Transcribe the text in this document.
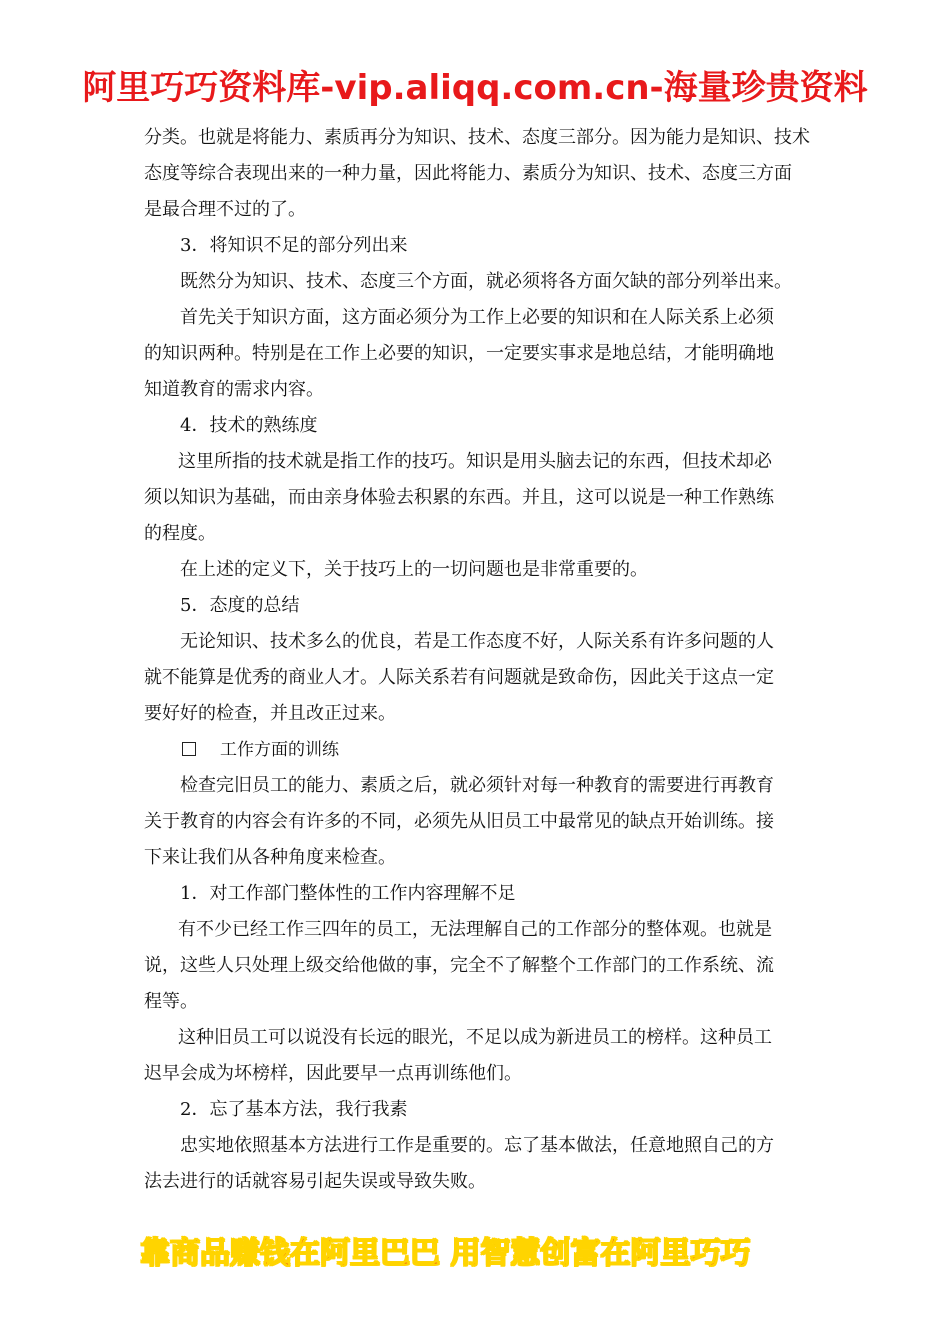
阿里巧巧资料库-vip.aliqq.com.cn-海量珍贵资料
分类。也就是将能力、素质再分为知识、技术、态度三部分。因为能力是知识、技术
态度等综合表现出来的一种力量，因此将能力、素质分为知识、技术、态度三方面
是最合理不过的了。
3．将知识不足的部分列出来
既然分为知识、技术、态度三个方面，就必须将各方面欠缺的部分列举出来。
首先关于知识方面，这方面必须分为工作上必要的知识和在人际关系上必须
的知识两种。特别是在工作上必要的知识，一定要实事求是地总结，才能明确地
知道教育的需求内容。
4．技术的熟练度
这里所指的技术就是指工作的技巧。知识是用头脑去记的东西，但技术却必
须以知识为基础，而由亲身体验去积累的东西。并且，这可以说是一种工作熟练
的程度。
在上述的定义下，关于技巧上的一切问题也是非常重要的。
5．态度的总结
无论知识、技术多么的优良，若是工作态度不好，人际关系有许多问题的人
就不能算是优秀的商业人才。人际关系若有问题就是致命伤，因此关于这点一定
要好好的检查，并且改正过来。
工作方面的训练
检查完旧员工的能力、素质之后，就必须针对每一种教育的需要进行再教育
关于教育的内容会有许多的不同，必须先从旧员工中最常见的缺点开始训练。接
下来让我们从各种角度来检查。
1．对工作部门整体性的工作内容理解不足
有不少已经工作三四年的员工，无法理解自己的工作部分的整体观。也就是
说，这些人只处理上级交给他做的事，完全不了解整个工作部门的工作系统、流
程等。
这种旧员工可以说没有长远的眼光，不足以成为新进员工的榜样。这种员工
迟早会成为坏榜样，因此要早一点再训练他们。
2．忘了基本方法，我行我素
忠实地依照基本方法进行工作是重要的。忘了基本做法，任意地照自己的方
法去进行的话就容易引起失误或导致失败。
靠商品赚钱在阿里巴巴 用智慧创富在阿里巧巧
